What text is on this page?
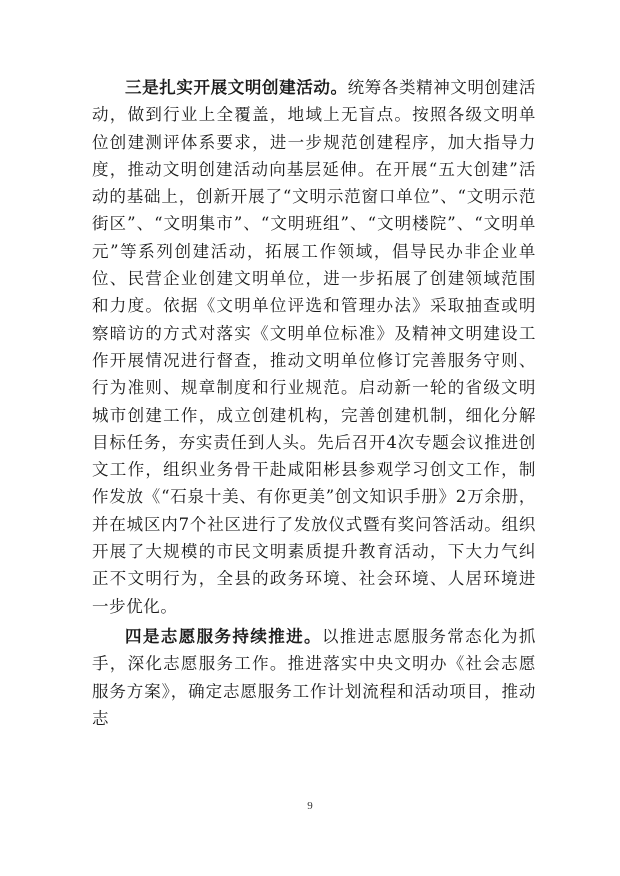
三是扎实开展文明创建活动。统筹各类精神文明创建活动，做到行业上全覆盖，地域上无盲点。按照各级文明单位创建测评体系要求，进一步规范创建程序，加大指导力度，推动文明创建活动向基层延伸。在开展“五大创建”活动的基础上，创新开展了“文明示范窗口单位”、“文明示范街区”、“文明集市”、“文明班组”、“文明楼院”、“文明单元”等系列创建活动，拓展工作领域，倡导民办非企业单位、民营企业创建文明单位，进一步拓展了创建领域范围和力度。依据《文明单位评选和管理办法》采取抽查或明察暗访的方式对落实《文明单位标准》及精神文明建设工作开展情况进行督查，推动文明单位修订完善服务守则、行为准则、规章制度和行业规范。启动新一轮的省级文明城市创建工作，成立创建机构，完善创建机制，细化分解目标任务，夯实责任到人头。先后召开4次专题会议推进创文工作，组织业务骨干赴咸阳彬县参观学习创文工作，制作发放《“石泉十美、有你更美”创文知识手册》2万余册，并在城区内7个社区进行了发放仪式暨有奖问答活动。组织开展了大规模的市民文明素质提升教育活动，下大力气纠正不文明行为，全县的政务环境、社会环境、人居环境进一步优化。

四是志愿服务持续推进。以推进志愿服务常态化为抓手，深化志愿服务工作。推进落实中央文明办《社会志愿服务方案》，确定志愿服务工作计划流程和活动项目，推动志

9
